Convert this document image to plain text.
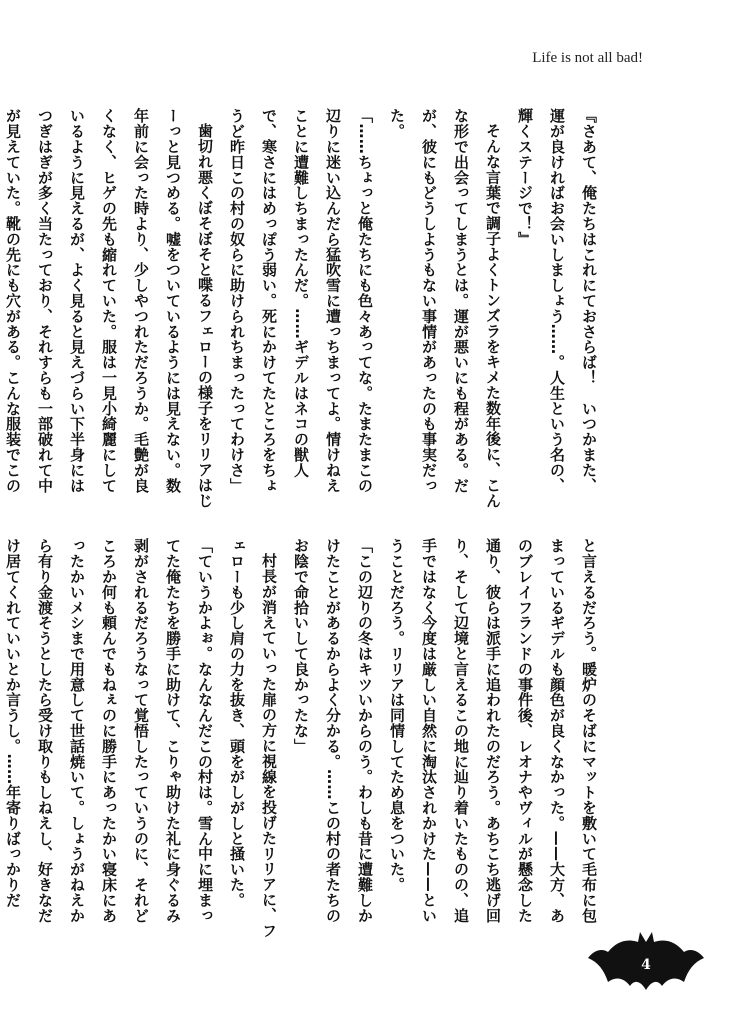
Life is not all bad!

『さあて、俺たちはこれにておさらば！　いつかまた、運が良ければお会いしましょう……。人生という名の、輝くステージで！』

そんな言葉で調子よくトンズラをキメた数年後に、こんな形で出会ってしまうとは。運が悪いにも程がある。だが、彼にもどうしようもない事情があったのも事実だった。

「……ちょっと俺たちにも色々あってな。たまたまこの辺りに迷い込んだら猛吹雪に遭っちまってよ。情けねえことに遭難しちまったんだ。……ギデルはネコの獣人で、寒さにはめっぽう弱い。死にかけてたところをちょうど昨日この村の奴らに助けられちまったってわけさ」

歯切れ悪くぼそぼそと喋るフェローの様子をリリアはじーっと見つめる。嘘をついているようには見えない。数年前に会った時より、少しやつれただろうか。毛艶が良くなく、ヒゲの先も縮れていた。服は一見小綺麗にしているように見えるが、よく見ると見えづらい下半身にはつぎはぎが多く当たっており、それすらも一部破れて中が見えていた。靴の先にも穴がある。こんな服装でこの

と言えるだろう。暖炉のそばにマットを敷いて毛布に包まっているギデルも顔色が良くなかった。——大方、あのブレイフランドの事件後、レオナやヴィルが懸念した通り、彼らは派手に追われたのだろう。あちこち逃げ回り、そして辺境と言えるこの地に辿り着いたものの、追手ではなく今度は厳しい自然に淘汰されかけた——ということだろう。リリアは同情してため息をついた。

「この辺りの冬はキツいからのう。わしも昔に遭難しかけたことがあるからよく分かる。……この村の者たちのお陰で命拾いして良かったな」

村長が消えていった扉の方に視線を投げたリリアに、フェローも少し肩の力を抜き、頭をがしがしと掻いた。

「ていうかよぉ。なんなんだこの村は。雪ん中に埋まってた俺たちを勝手に助けて、こりゃ助けた礼に身ぐるみ剥がされるだろうなって覚悟したっていうのに、それどころか何も頼んでもねぇのに勝手にあったかい寝床にあったかいメシまで用意して世話焼いて。しょうがねえから有り金渡そうとしたら受け取りもしねえし、好きなだけ居てくれていいとか言うし。……年寄りばっかりだ

4
